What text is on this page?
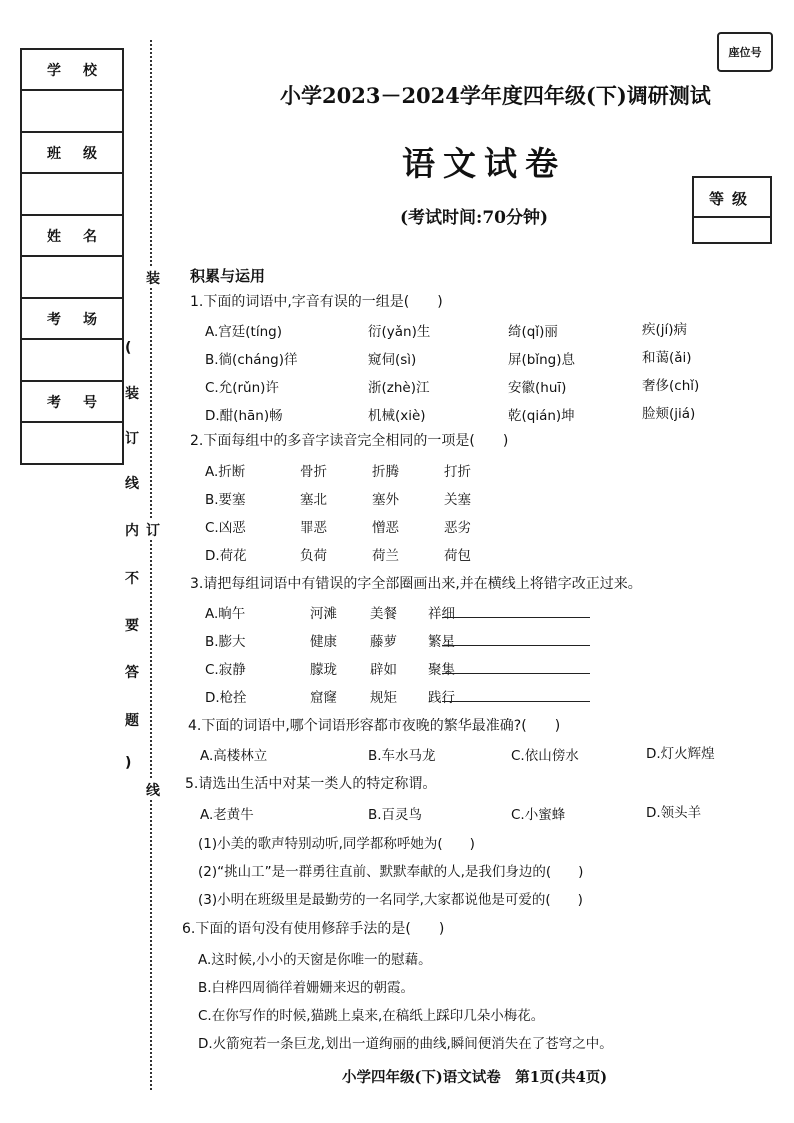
学校
班级
姓名
考场
考号
装
(
装
订
线
内
不
要
答
题
)
订
线
座位号
等级
小学2023－2024学年度四年级(下)调研测试
语文试卷
(考试时间:70分钟)
积累与运用
1.下面的词语中,字音有误的一组是(　　)
A.宫廷(tíng)	衍(yǎn)生	绮(qǐ)丽	疾(jí)病
B.徜(cháng)徉	窥伺(sì)	屏(bǐng)息	和蔼(ǎi)
C.允(rǔn)许	浙(zhè)江	安徽(huī)	奢侈(chǐ)
D.酣(hān)畅	机械(xiè)	乾(qián)坤	脸颊(jiá)
2.下面每组中的多音字读音完全相同的一项是(　　)
A.折断	骨折	折腾	打折
B.要塞	塞北	塞外	关塞
C.凶恶	罪恶	憎恶	恶劣
D.荷花	负荷	荷兰	荷包
3.请把每组词语中有错误的字全部圈画出来,并在横线上将错字改正过来。
A.晌午	河滩 美餐 祥细
B.膨大	健康 藤萝 繁星
C.寂静	朦珑 辟如 聚集
D.枪拴	窟窿 规矩 践行
4.下面的词语中,哪个词语形容都市夜晚的繁华最准确?(　　)
A.高楼林立	B.车水马龙	C.依山傍水	D.灯火辉煌
5.请选出生活中对某一类人的特定称谓。
A.老黄牛	B.百灵鸟	C.小蜜蜂	D.领头羊
(1)小美的歌声特别动听,同学都称呼她为(　　)
(2)“挑山工”是一群勇往直前、默默奉献的人,是我们身边的(　　)
(3)小明在班级里是最勤劳的一名同学,大家都说他是可爱的(　　)
6.下面的语句没有使用修辞手法的是(　　)
A.这时候,小小的天窗是你唯一的慰藉。
B.白桦四周徜徉着姗姗来迟的朝霞。
C.在你写作的时候,猫跳上桌来,在稿纸上踩印几朵小梅花。
D.火箭宛若一条巨龙,划出一道绚丽的曲线,瞬间便消失在了苍穹之中。
小学四年级(下)语文试卷　第1页(共4页)
